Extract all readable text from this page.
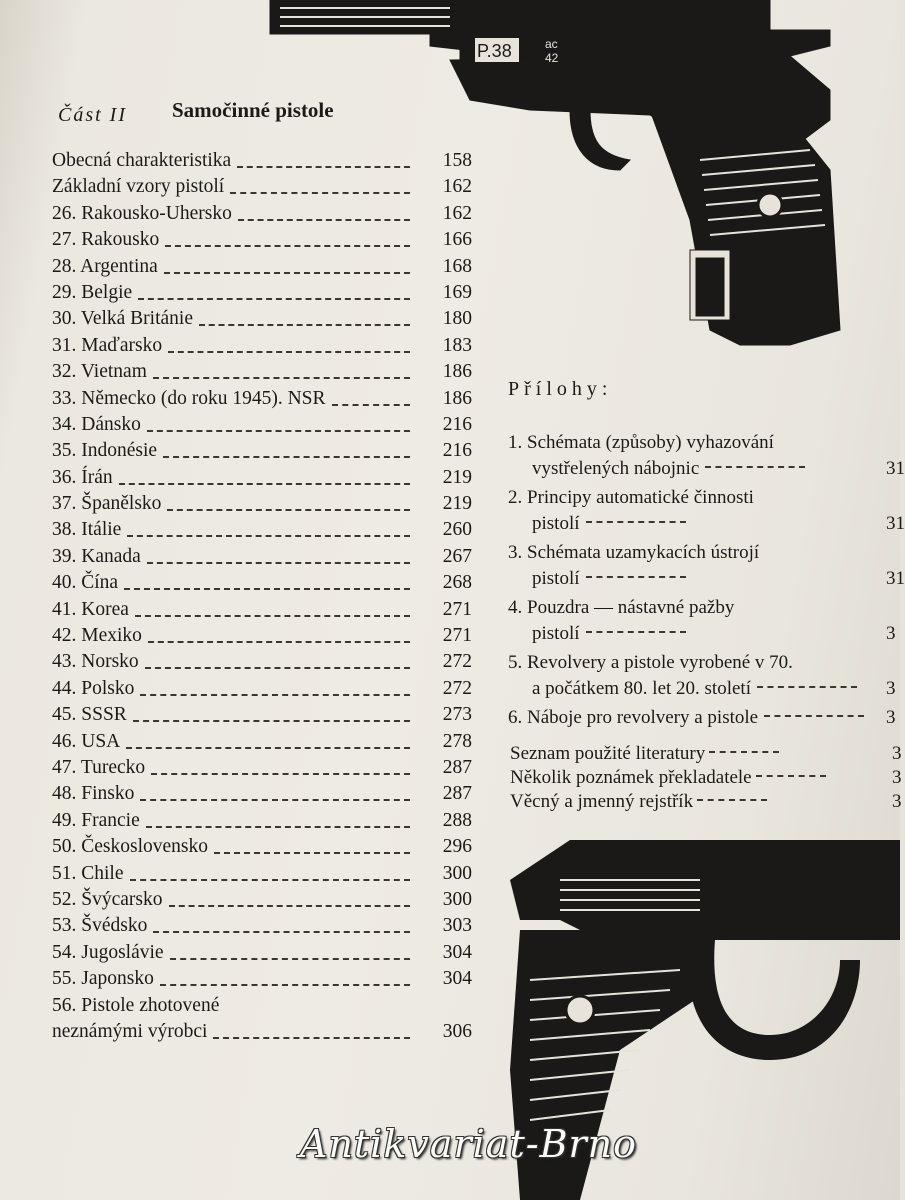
P.38	ac
42
Část II Samočinné pistole
Obecná charakteristika	158
Základní vzory pistolí	162
26. Rakousko-Uhersko	162
27. Rakousko	166
28. Argentina	168
29. Belgie	169
30. Velká Británie	180
31. Maďarsko	183
32. Vietnam	186
33. Německo (do roku 1945). NSR	186
34. Dánsko	216
35. Indonésie	216
36. Írán	219
37. Španělsko	219
38. Itálie	260
39. Kanada	267
40. Čína	268
41. Korea	271
42. Mexiko	271
43. Norsko	272
44. Polsko	272
45. SSSR	273
46. USA	278
47. Turecko	287
48. Finsko	287
49. Francie	288
50. Československo	296
51. Chile	300
52. Švýcarsko	300
53. Švédsko	303
54. Jugoslávie	304
55. Japonsko	304
56. Pistole zhotovené
neznámými výrobci	306
Přílohy:
1. Schémata (způsoby) vyhazování
vystřelených nábojnic	31
2. Principy automatické činnosti
pistolí	31
3. Schémata uzamykacích ústrojí
pistolí	31
4. Pouzdra — nástavné pažby
pistolí	3
5. Revolvery a pistole vyrobené v 70.
a počátkem 80. let 20. století	3
6. Náboje pro revolvery a pistole	3
Seznam použité literatury	3
Několik poznámek překladatele	3
Věcný a jmenný rejstřík	3
Antikvariat-Brno
